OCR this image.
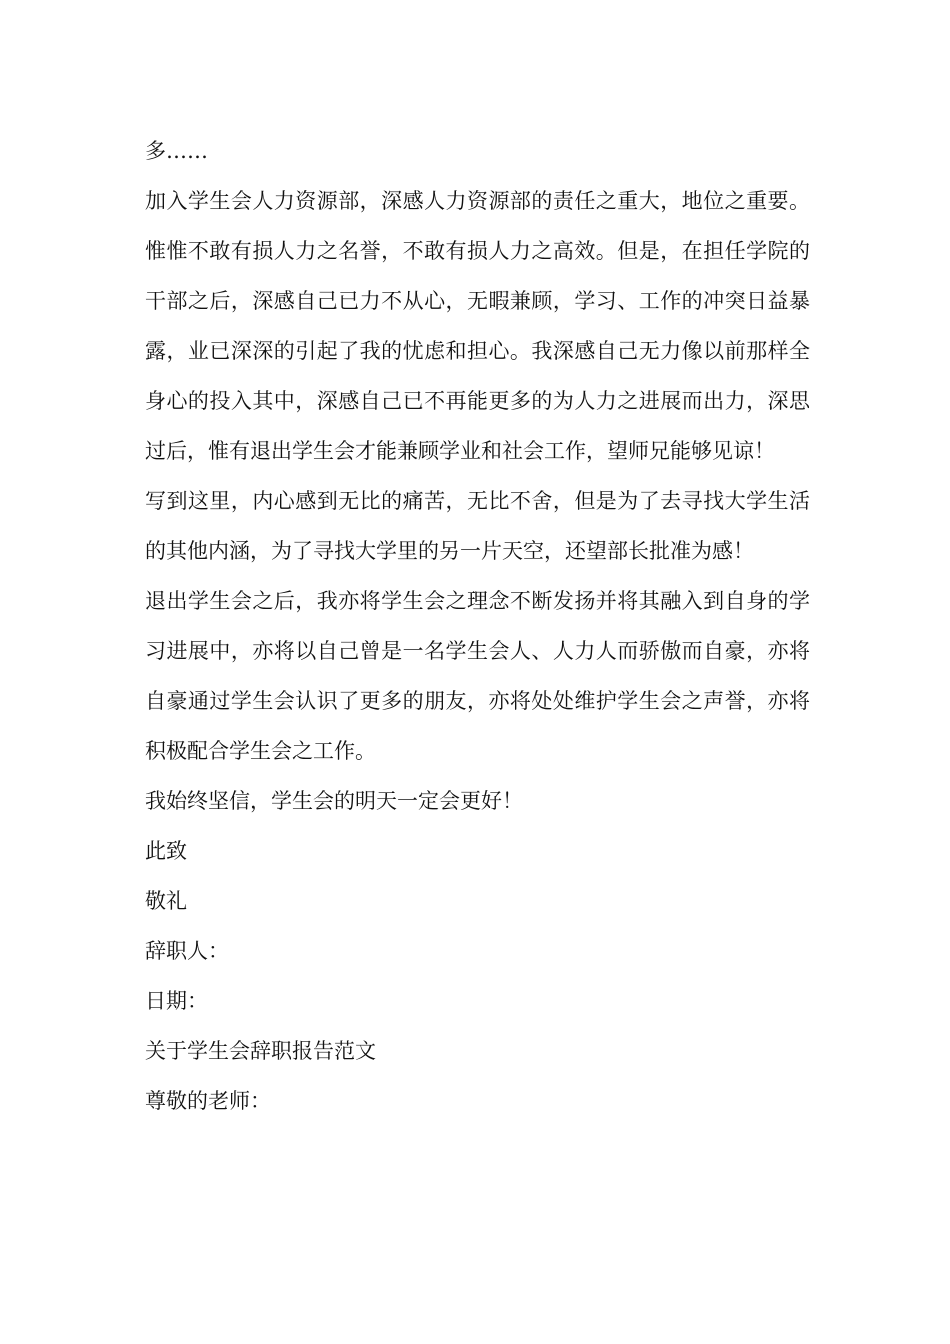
多……

加入学生会人力资源部，深感人力资源部的责任之重大，地位之重要。惟惟不敢有损人力之名誉，不敢有损人力之高效。但是，在担任学院的干部之后，深感自己已力不从心，无暇兼顾，学习、工作的冲突日益暴露，业已深深的引起了我的忧虑和担心。我深感自己无力像以前那样全身心的投入其中，深感自己已不再能更多的为人力之进展而出力，深思过后，惟有退出学生会才能兼顾学业和社会工作，望师兄能够见谅！

写到这里，内心感到无比的痛苦，无比不舍，但是为了去寻找大学生活的其他内涵，为了寻找大学里的另一片天空，还望部长批准为感！

退出学生会之后，我亦将学生会之理念不断发扬并将其融入到自身的学习进展中，亦将以自己曾是一名学生会人、人力人而骄傲而自豪，亦将自豪通过学生会认识了更多的朋友，亦将处处维护学生会之声誉，亦将积极配合学生会之工作。

我始终坚信，学生会的明天一定会更好！

此致

敬礼

辞职人：

日期：

关于学生会辞职报告范文

尊敬的老师：
